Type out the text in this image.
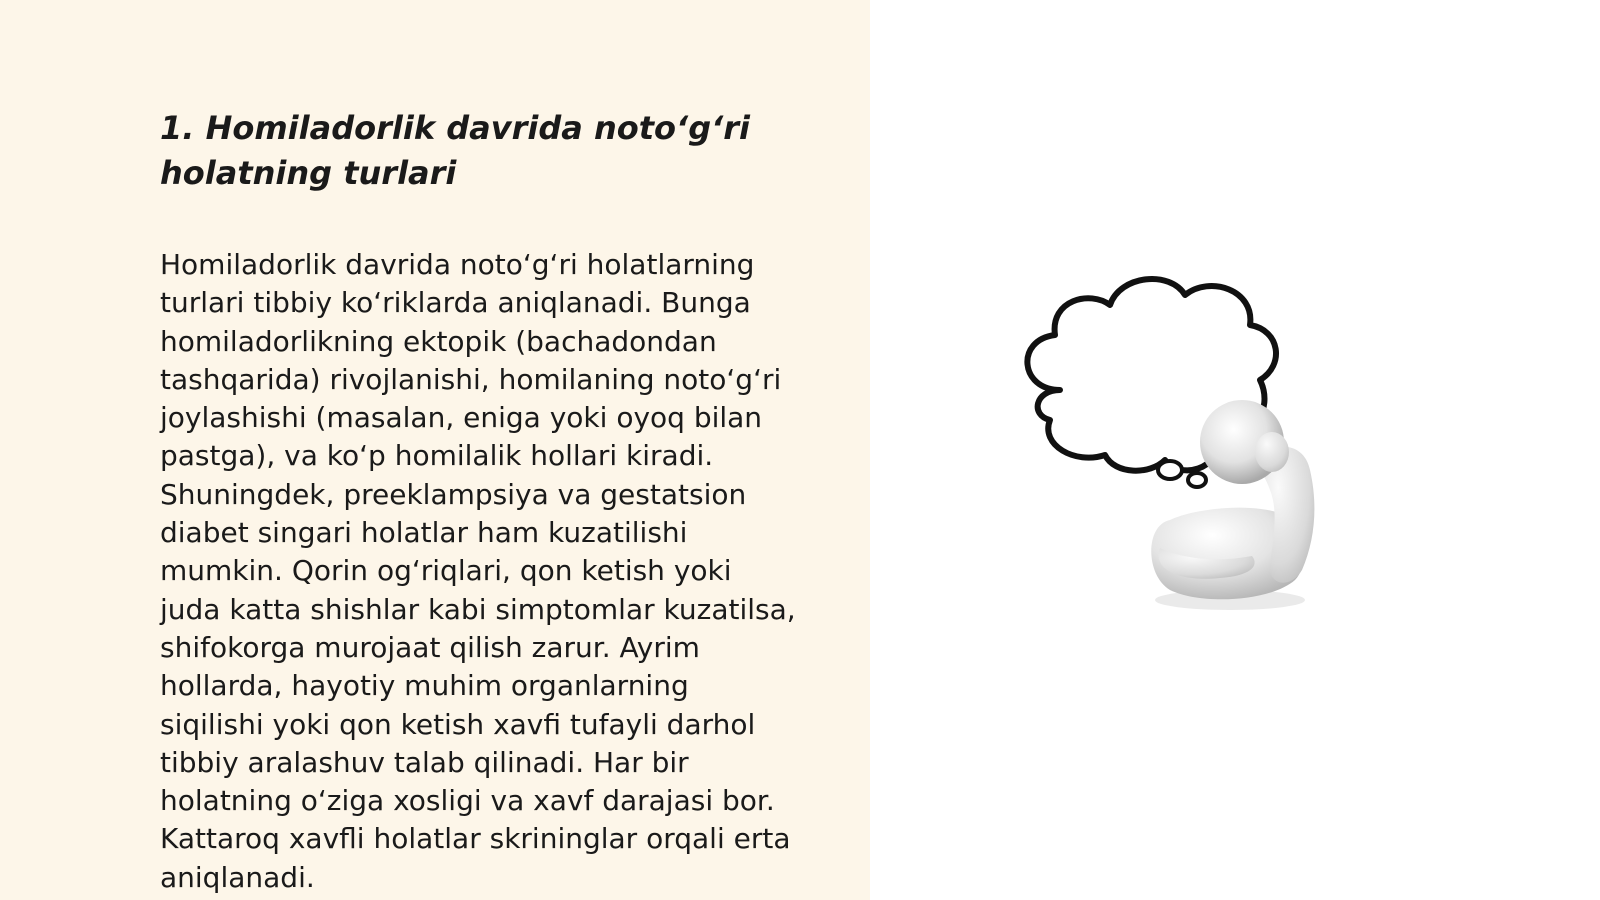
1. Homiladorlik davrida noto‘g‘ri
holatning turlari

Homiladorlik davrida noto‘g‘ri holatlarning
turlari tibbiy ko‘riklarda aniqlanadi. Bunga
homiladorlikning ektopik (bachadondan
tashqarida) rivojlanishi, homilaning noto‘g‘ri
joylashishi (masalan, eniga yoki oyoq bilan
pastga), va ko‘p homilalik hollari kiradi.
Shuningdek, preeklampsiya va gestatsion
diabet singari holatlar ham kuzatilishi
mumkin. Qorin og‘riqlari, qon ketish yoki
juda katta shishlar kabi simptomlar kuzatilsa,
shifokorga murojaat qilish zarur. Ayrim
hollarda, hayotiy muhim organlarning
siqilishi yoki qon ketish xavfi tufayli darhol
tibbiy aralashuv talab qilinadi. Har bir
holatning o‘ziga xosligi va xavf darajasi bor.
Kattaroq xavfli holatlar skrininglar orqali erta
aniqlanadi.
